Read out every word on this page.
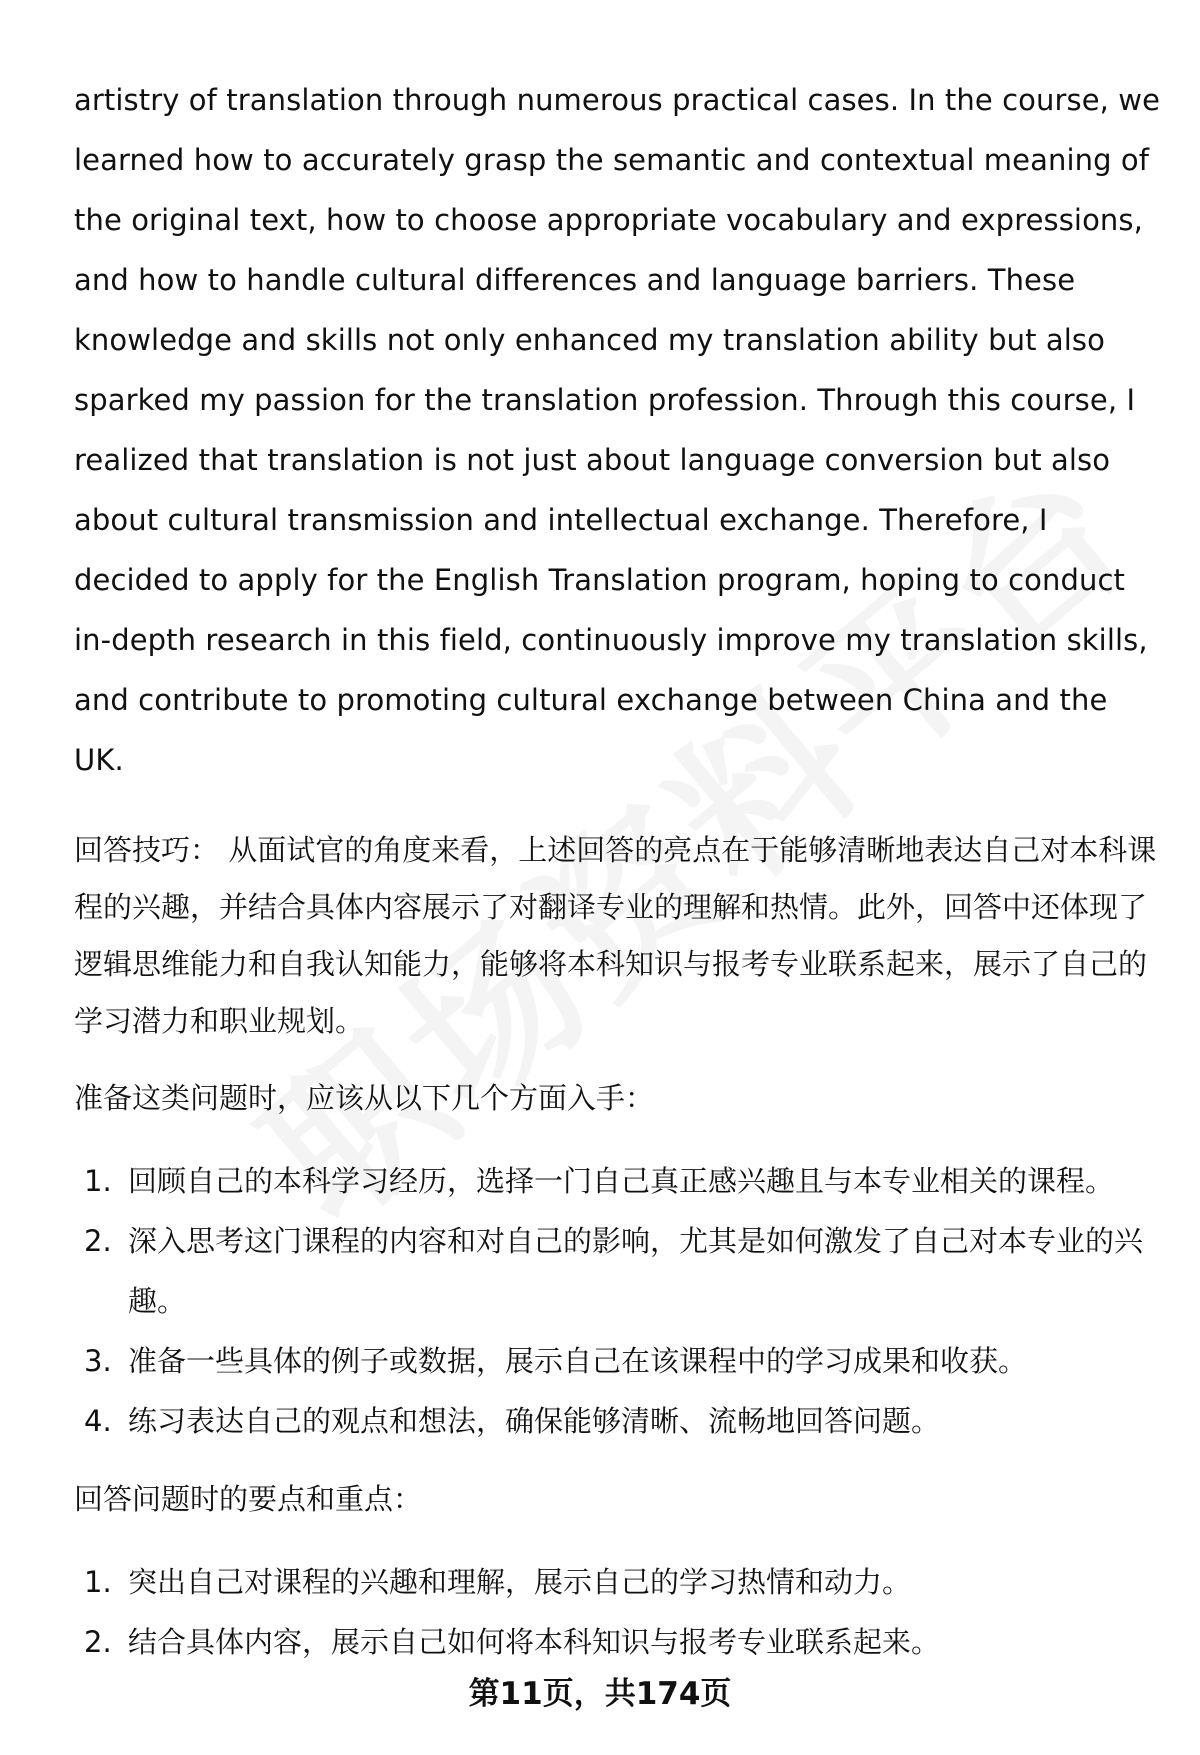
artistry of translation through numerous practical cases. In the course, we learned how to accurately grasp the semantic and contextual meaning of the original text, how to choose appropriate vocabulary and expressions, and how to handle cultural differences and language barriers. These knowledge and skills not only enhanced my translation ability but also sparked my passion for the translation profession. Through this course, I realized that translation is not just about language conversion but also about cultural transmission and intellectual exchange. Therefore, I decided to apply for the English Translation program, hoping to conduct in-depth research in this field, continuously improve my translation skills, and contribute to promoting cultural exchange between China and the UK.

回答技巧： 从面试官的角度来看，上述回答的亮点在于能够清晰地表达自己对本科课程的兴趣，并结合具体内容展示了对翻译专业的理解和热情。此外，回答中还体现了逻辑思维能力和自我认知能力，能够将本科知识与报考专业联系起来，展示了自己的学习潜力和职业规划。

准备这类问题时，应该从以下几个方面入手：

1. 回顾自己的本科学习经历，选择一门自己真正感兴趣且与本专业相关的课程。
2. 深入思考这门课程的内容和对自己的影响，尤其是如何激发了自己对本专业的兴趣。
3. 准备一些具体的例子或数据，展示自己在该课程中的学习成果和收获。
4. 练习表达自己的观点和想法，确保能够清晰、流畅地回答问题。

回答问题时的要点和重点：

1. 突出自己对课程的兴趣和理解，展示自己的学习热情和动力。
2. 结合具体内容，展示自己如何将本科知识与报考专业联系起来。
第11页，共174页
